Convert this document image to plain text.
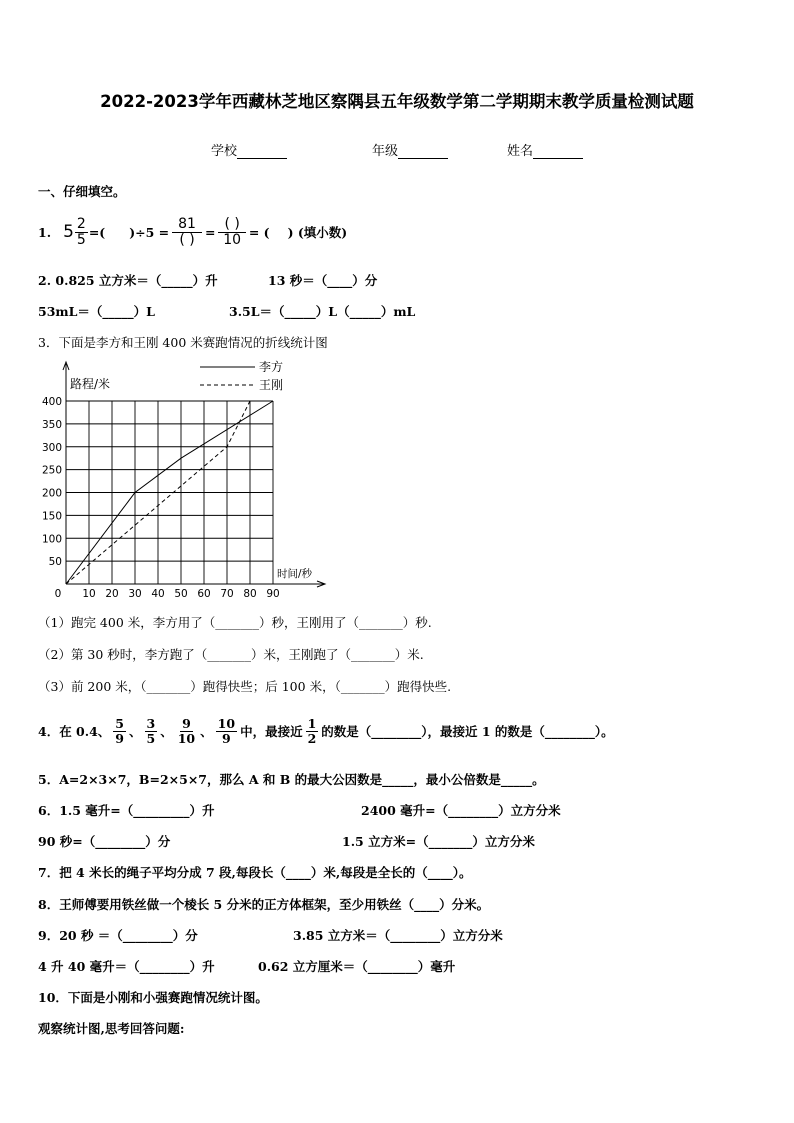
2022-2023学年西藏林芝地区察隅县五年级数学第二学期期末教学质量检测试题
学校	年级	姓名
一、仔细填空。
1. $5 \frac{2}{5}$ =( )$\div 5 = \frac{81}{( )} = \frac{( )}{10}$ = ( ) (填小数)
2. 0.825 立方米＝（_____）升	13 秒＝（____）分
53mL＝（_____）L	3.5L＝（_____）L（_____）mL
3．下面是李方和王刚 400 米赛跑情况的折线统计图
路程/米
时间/秒
10 20 30 40 50 60 70 80 90
50
100
150
200
250
300
350
400
0
李方
王刚
（1）跑完 400 米，李方用了（_______）秒，王刚用了（_______）秒.
（2）第 30 秒时，李方跑了（_______）米，王刚跑了（_______）米.
（3）前 200 米，（_______）跑得快些；后 100 米，（_______）跑得快些.
4．在 0.4、 $\frac{5}{9}$ 、 $\frac{3}{5}$ 、 $\frac{9}{10}$ 、 $\frac{10}{9}$ 中，最接近 $\frac{1}{2}$ 的数是（________），最接近 1 的数是（________）。
5．A=2×3×7，B=2×5×7，那么 A 和 B 的最大公因数是_____，最小公倍数是_____。
6．1.5 毫升=（_________）升	2400 毫升=（________）立方分米
90 秒=（________）分	1.5 立方米=（_______）立方分米
7．把 4 米长的绳子平均分成 7 段,每段长（____）米,每段是全长的（____）。
8．王师傅要用铁丝做一个棱长 5 分米的正方体框架，至少用铁丝（____）分米。
9．20 秒 ＝（________）分	3.85 立方米＝（________）立方分米
4 升 40 毫升＝（________）升	0.62 立方厘米＝（________）毫升
10．下面是小刚和小强赛跑情况统计图。
观察统计图,思考回答问题:
